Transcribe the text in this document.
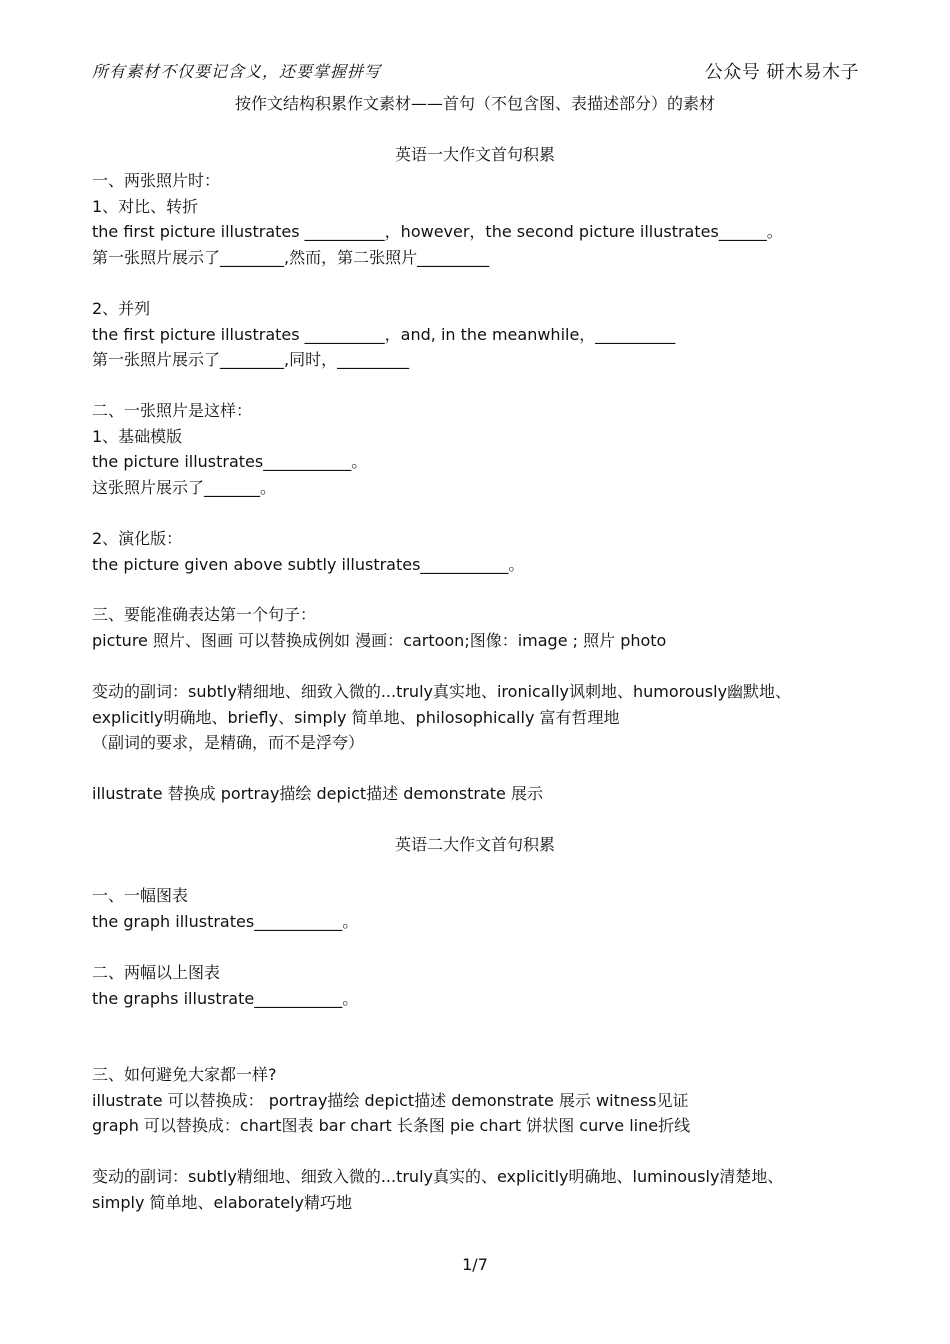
所有素材不仅要记含义，还要掌握拼写	公众号 研木易木子
按作文结构积累作文素材——首句（不包含图、表描述部分）的素材
英语一大作文首句积累
一、两张照片时：
1、对比、转折
the first picture illustrates __________，however，the second picture illustrates______。
第一张照片展示了________,然而，第二张照片_________
2、并列
the first picture illustrates __________，and, in the meanwhile，__________
第一张照片展示了________,同时，_________
二、一张照片是这样：
1、基础模版
the picture illustrates___________。
这张照片展示了_______。
2、演化版：
the picture given above subtly illustrates___________。
三、要能准确表达第一个句子：
picture 照片、图画 可以替换成例如 漫画：cartoon;图像：image ; 照片 photo
变动的副词：subtly精细地、细致入微的...truly真实地、ironically讽刺地、humorously幽默地、
explicitly明确地、briefly、simply 简单地、philosophically 富有哲理地
（副词的要求，是精确，而不是浮夸）
illustrate 替换成 portray描绘 depict描述 demonstrate 展示
英语二大作文首句积累
一、一幅图表
the graph illustrates___________。
二、两幅以上图表
the graphs illustrate___________。
三、如何避免大家都一样?
illustrate 可以替换成： portray描绘 depict描述 demonstrate 展示 witness见证
graph 可以替换成：chart图表 bar chart 长条图 pie chart 饼状图 curve line折线
变动的副词：subtly精细地、细致入微的...truly真实的、explicitly明确地、luminously清楚地、
simply 简单地、elaborately精巧地
1/7
